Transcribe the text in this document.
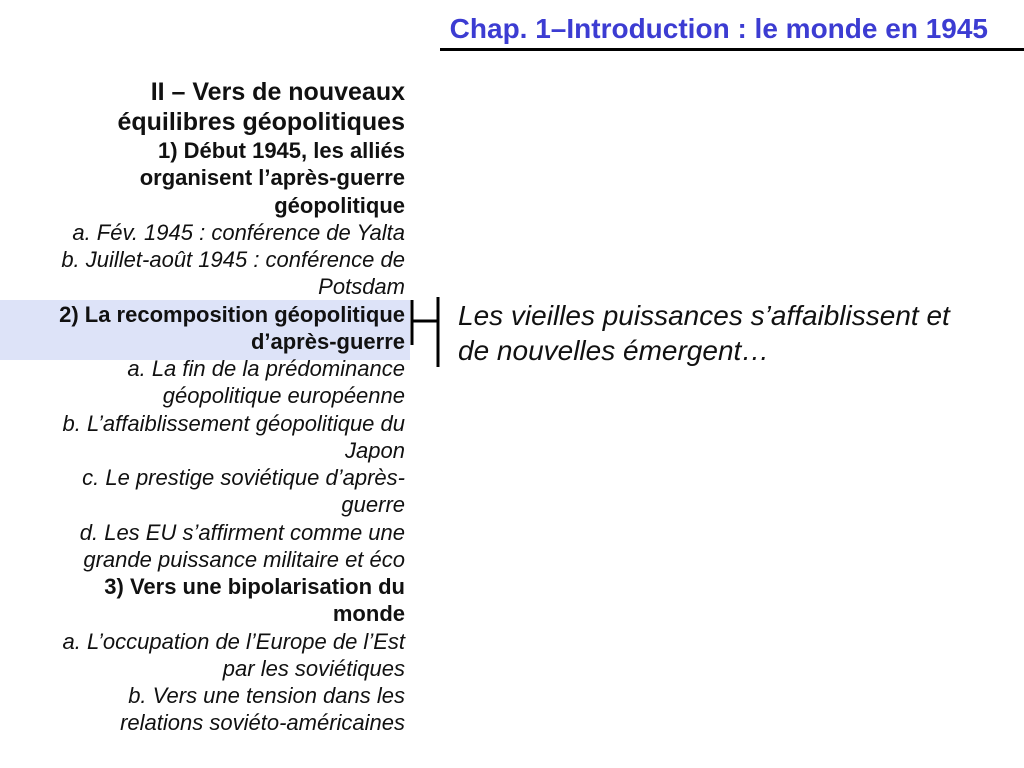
Chap. 1–Introduction : le monde en 1945
II – Vers de nouveaux
équilibres géopolitiques
1) Début 1945, les alliés
organisent l’après-guerre
géopolitique
a. Fév. 1945 : conférence de Yalta
b. Juillet-août 1945 : conférence de
Potsdam
2) La recomposition géopolitique
d’après-guerre
a. La fin de la prédominance
géopolitique européenne
b. L’affaiblissement géopolitique du
Japon
c. Le prestige soviétique d’après-
guerre
d. Les EU s’affirment comme une
grande puissance militaire et éco
3) Vers une bipolarisation du
monde
a. L’occupation de l’Europe de l’Est
par les soviétiques
b. Vers une tension dans les
relations soviéto-américaines
Les vieilles puissances s’affaiblissent et
de nouvelles émergent…
